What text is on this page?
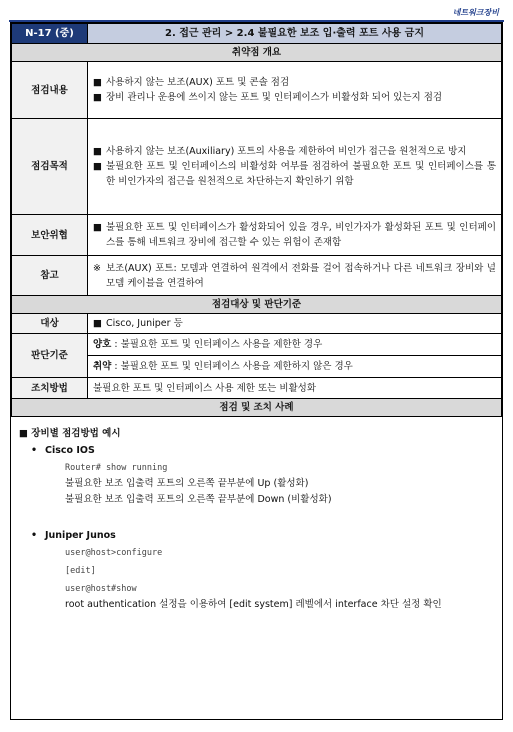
네트워크장비
N-17 (중)	2. 접근 관리 > 2.4 불필요한 보조 입·출력 포트 사용 금지
취약점 개요	
점검내용	■ 사용하지 않는 보조(AUX) 포트 및 콘솔 점검
■ 장비 관리나 운용에 쓰이지 않는 포트 및 인터페이스가 비활성화 되어 있는지 점검

점검목적	■ 사용하지 않는 보조(Auxiliary) 포트의 사용을 제한하여 비인가 접근을 원천적으로 방지
■ 불필요한 포트 및 인터페이스의 비활성화 여부를 점검하여 불필요한 포트 및 인터페이스를 통한 비인가자의 접근을 원천적으로 차단하는지 확인하기 위함

보안위협	■ 불필요한 포트 및 인터페이스가 활성화되어 있을 경우, 비인가자가 활성화된 포트 및 인터페이스를 통해 네트워크 장비에 접근할 수 있는 위험이 존재함

참고	※ 보조(AUX) 포트: 모뎀과 연결하여 원격에서 전화를 걸어 접속하거나 다른 네트워크 장비와 널 모뎀 케이블을 연결하여

점검대상 및 판단기준	
대상	■ Cisco, Juniper 등

판단기준	양호 : 불필요한 포트 및 인터페이스 사용을 제한한 경우
	취약 : 불필요한 포트 및 인터페이스 사용을 제한하지 않은 경우
조치방법	불필요한 포트 및 인터페이스 사용 제한 또는 비활성화
점검 및 조치 사례	
■ 장비별 점검방법 예시
• Cisco IOS
Router# show running
불필요한 보조 입출력 포트의 오른쪽 끝부분에 Up (활성화)
불필요한 보조 입출력 포트의 오른쪽 끝부분에 Down (비활성화)
• Juniper Junos
user@host>configure
[edit]
user@host#show
root authentication 설정을 이용하여 [edit system] 레벨에서 interface 차단 설정 확인
